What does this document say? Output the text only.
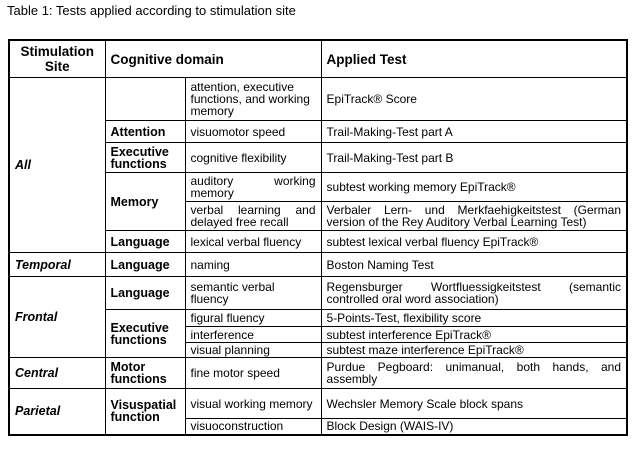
Table 1: Tests applied according to stimulation site
Stimulation Site	Cognitive domain		Applied Test
All		attention, executive functions, and working memory	EpiTrack® Score
	Attention	visuomotor speed	Trail-Making-Test part A
	Executive functions	cognitive flexibility	Trail-Making-Test part B
	Memory	auditory working memory	subtest working memory EpiTrack®
		verbal learning and delayed free recall	Verbaler Lern- und Merkfaehigkeitstest (German version of the Rey Auditory Verbal Learning Test)
	Language	lexical verbal fluency	subtest lexical verbal fluency EpiTrack®
Temporal	Language	naming	Boston Naming Test
Frontal	Language	semantic verbal fluency	Regensburger Wortfluessigkeitstest (semantic controlled oral word association)
	Executive functions	figural fluency	5-Points-Test, flexibility score
		interference	subtest interference EpiTrack®
		visual planning	subtest maze interference EpiTrack®
Central	Motor functions	fine motor speed	Purdue Pegboard: unimanual, both hands, and assembly
Parietal	Visuspatial function	visual working memory	Wechsler Memory Scale block spans
		visuoconstruction	Block Design (WAIS-IV)
